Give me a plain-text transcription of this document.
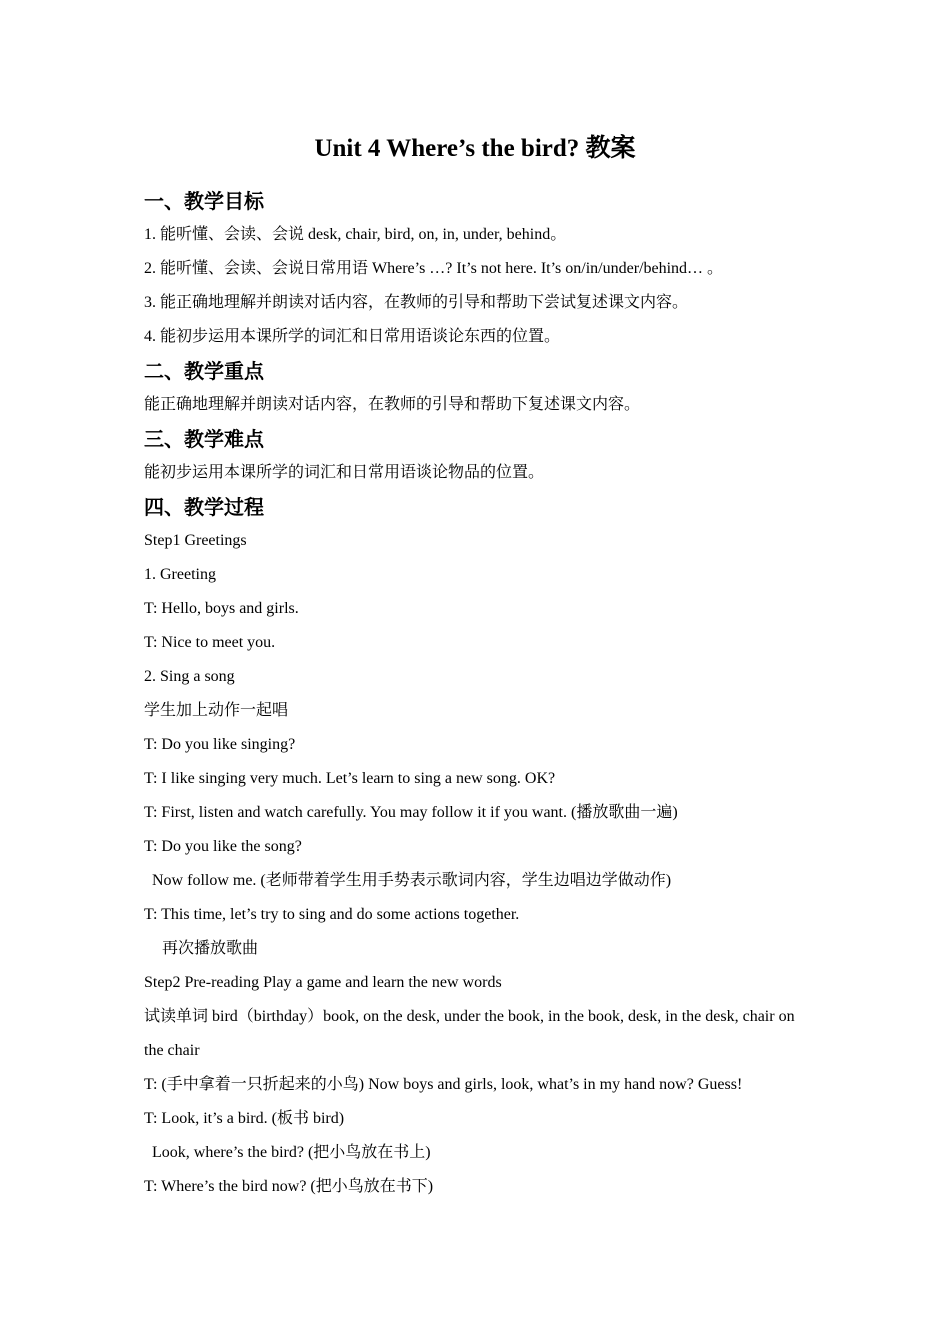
Unit 4 Where’s the bird? 教案
一、教学目标
1. 能听懂、会读、会说 desk, chair, bird, on, in, under, behind。
2. 能听懂、会读、会说日常用语 Where’s …? It’s not here. It’s on/in/under/behind… 。
3. 能正确地理解并朗读对话内容，在教师的引导和帮助下尝试复述课文内容。
4. 能初步运用本课所学的词汇和日常用语谈论东西的位置。
二、教学重点
能正确地理解并朗读对话内容，在教师的引导和帮助下复述课文内容。
三、教学难点
能初步运用本课所学的词汇和日常用语谈论物品的位置。
四、教学过程
Step1 Greetings
1. Greeting
T: Hello, boys and girls.
T: Nice to meet you.
2. Sing a song
学生加上动作一起唱
T: Do you like singing?
T: I like singing very much. Let’s learn to sing a new song. OK?
T: First, listen and watch carefully. You may follow it if you want. (播放歌曲一遍)
T: Do you like the song?
Now follow me. (老师带着学生用手势表示歌词内容，学生边唱边学做动作)
T: This time, let’s try to sing and do some actions together.
再次播放歌曲
Step2 Pre-reading Play a game and learn the new words
试读单词 bird（birthday）book, on the desk, under the book, in the book, desk, in the desk, chair on the chair
T: (手中拿着一只折起来的小鸟) Now boys and girls, look, what’s in my hand now? Guess!
T: Look, it’s a bird. (板书 bird)
Look, where’s the bird? (把小鸟放在书上)
T: Where’s the bird now? (把小鸟放在书下)
